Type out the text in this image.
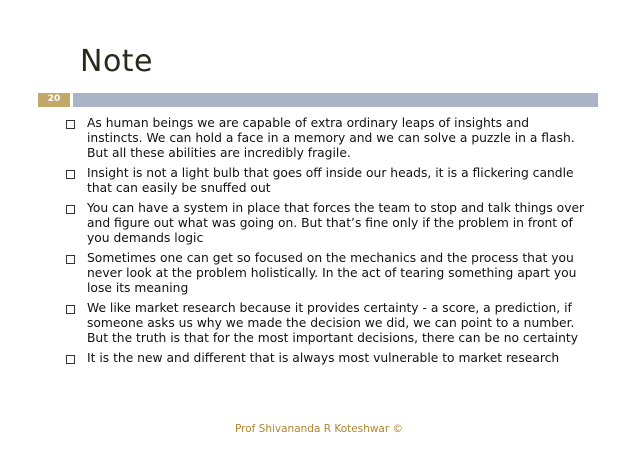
Note
20
As human beings we are capable of extra ordinary leaps of insights and instincts. We can hold a face in a memory and we can solve a puzzle in a flash. But all these abilities are incredibly fragile.
Insight is not a light bulb that goes off inside our heads, it is a flickering candle that can easily be snuffed out
You can have a system in place that forces the team to stop and talk things over and figure out what was going on. But that’s fine only if the problem in front of you demands logic
Sometimes one can get so focused on the mechanics and the process that you never look at the problem holistically. In the act of tearing something apart you lose its meaning
We like market research because it provides certainty - a score, a prediction, if someone asks us why we made the decision we did, we can point to a number. But the truth is that for the most important decisions, there can be no certainty
It is the new and different that is always most vulnerable to market research
Prof Shivananda R Koteshwar ©
